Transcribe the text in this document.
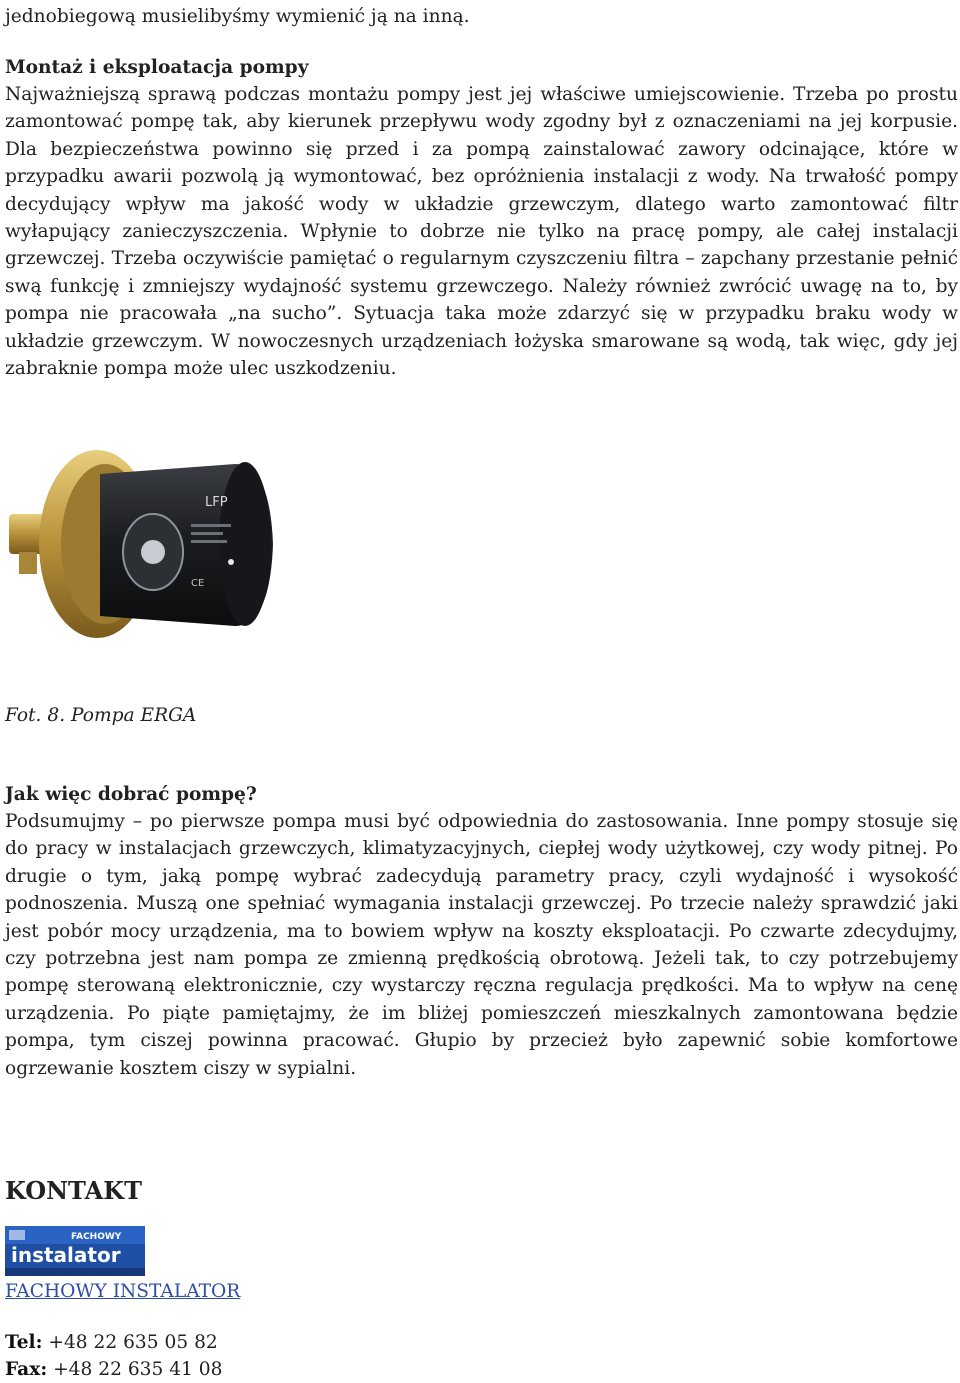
jednobiegową musielibyśmy wymienić ją na inną.
Montaż i eksploatacja pompy

Najważniejszą sprawą podczas montażu pompy jest jej właściwe umiejscowienie. Trzeba po prostu zamontować pompę tak, aby kierunek przepływu wody zgodny był z oznaczeniami na jej korpusie. Dla bezpieczeństwa powinno się przed i za pompą zainstalować zawory odcinające, które w przypadku awarii pozwolą ją wymontować, bez opróżnienia instalacji z wody. Na trwałość pompy decydujący wpływ ma jakość wody w układzie grzewczym, dlatego warto zamontować filtr wyłapujący zanieczyszczenia. Wpłynie to dobrze nie tylko na pracę pompy, ale całej instalacji grzewczej. Trzeba oczywiście pamiętać o regularnym czyszczeniu filtra – zapchany przestanie pełnić swą funkcję i zmniejszy wydajność systemu grzewczego. Należy również zwrócić uwagę na to, by pompa nie pracowała „na sucho”. Sytuacja taka może zdarzyć się w przypadku braku wody w układzie grzewczym. W nowoczesnych urządzeniach łożyska smarowane są wodą, tak więc, gdy jej zabraknie pompa może ulec uszkodzeniu.

LFP
CE
Fot. 8. Pompa ERGA
Jak więc dobrać pompę?

Podsumujmy – po pierwsze pompa musi być odpowiednia do zastosowania. Inne pompy stosuje się do pracy w instalacjach grzewczych, klimatyzacyjnych, ciepłej wody użytkowej, czy wody pitnej. Po drugie o tym, jaką pompę wybrać zadecydują parametry pracy, czyli wydajność i wysokość podnoszenia. Muszą one spełniać wymagania instalacji grzewczej. Po trzecie należy sprawdzić jaki jest pobór mocy urządzenia, ma to bowiem wpływ na koszty eksploatacji. Po czwarte zdecydujmy, czy potrzebna jest nam pompa ze zmienną prędkością obrotową. Jeżeli tak, to czy potrzebujemy pompę sterowaną elektronicznie, czy wystarczy ręczna regulacja prędkości. Ma to wpływ na cenę urządzenia. Po piąte pamiętajmy, że im bliżej pomieszczeń mieszkalnych zamontowana będzie pompa, tym ciszej powinna pracować. Głupio by przecież było zapewnić sobie komfortowe ogrzewanie kosztem ciszy w sypialni.

KONTAKT
FACHOWY
instalator
FACHOWY INSTALATOR
Tel: +48 22 635 05 82
Fax: +48 22 635 41 08
